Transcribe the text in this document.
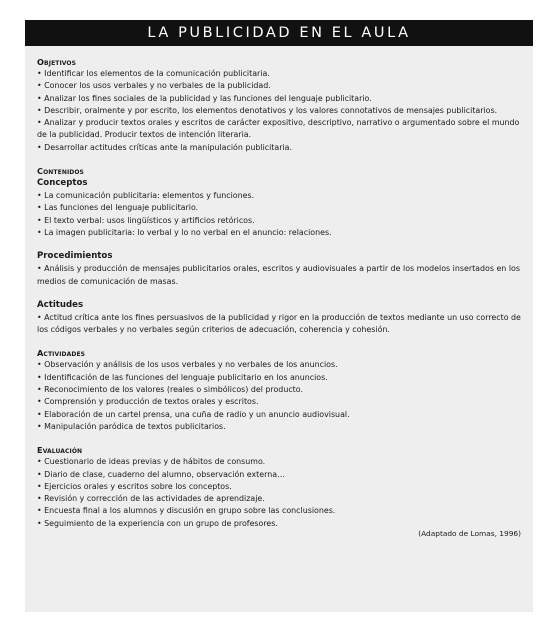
LA PUBLICIDAD EN EL AULA
Objetivos
• Identificar los elementos de la comunicación publicitaria.
• Conocer los usos verbales y no verbales de la publicidad.
• Analizar los fines sociales de la publicidad y las funciones del lenguaje publicitario.
• Describir, oralmente y por escrito, los elementos denotativos y los valores connotativos de mensajes publicitarios.
• Analizar y producir textos orales y escritos de carácter expositivo, descriptivo, narrativo o argumentado sobre el mundo de la publicidad. Producir textos de intención literaria.
• Desarrollar actitudes críticas ante la manipulación publicitaria.
Contenidos
Conceptos
• La comunicación publicitaria: elementos y funciones.
• Las funciones del lenguaje publicitario.
• El texto verbal: usos lingüísticos y artificios retóricos.
• La imagen publicitaria: lo verbal y lo no verbal en el anuncio: relaciones.
Procedimientos
• Análisis y producción de mensajes publicitarios orales, escritos y audiovisuales a partir de los modelos insertados en los medios de comunicación de masas.
Actitudes
• Actitud crítica ante los fines persuasivos de la publicidad y rigor en la producción de textos mediante un uso correcto de los códigos verbales y no verbales según criterios de adecuación, coherencia y cohesión.
Actividades
• Observación y análisis de los usos verbales y no verbales de los anuncios.
• Identificación de las funciones del lenguaje publicitario en los anuncios.
• Reconocimiento de los valores (reales o simbólicos) del producto.
• Comprensión y producción de textos orales y escritos.
• Elaboración de un cartel prensa, una cuña de radio y un anuncio audiovisual.
• Manipulación paródica de textos publicitarios.
Evaluación
• Cuestionario de ideas previas y de hábitos de consumo.
• Diario de clase, cuaderno del alumno, observación externa…
• Ejercicios orales y escritos sobre los conceptos.
• Revisión y corrección de las actividades de aprendizaje.
• Encuesta final a los alumnos y discusión en grupo sobre las conclusiones.
• Seguimiento de la experiencia con un grupo de profesores.
(Adaptado de Lomas, 1996)
